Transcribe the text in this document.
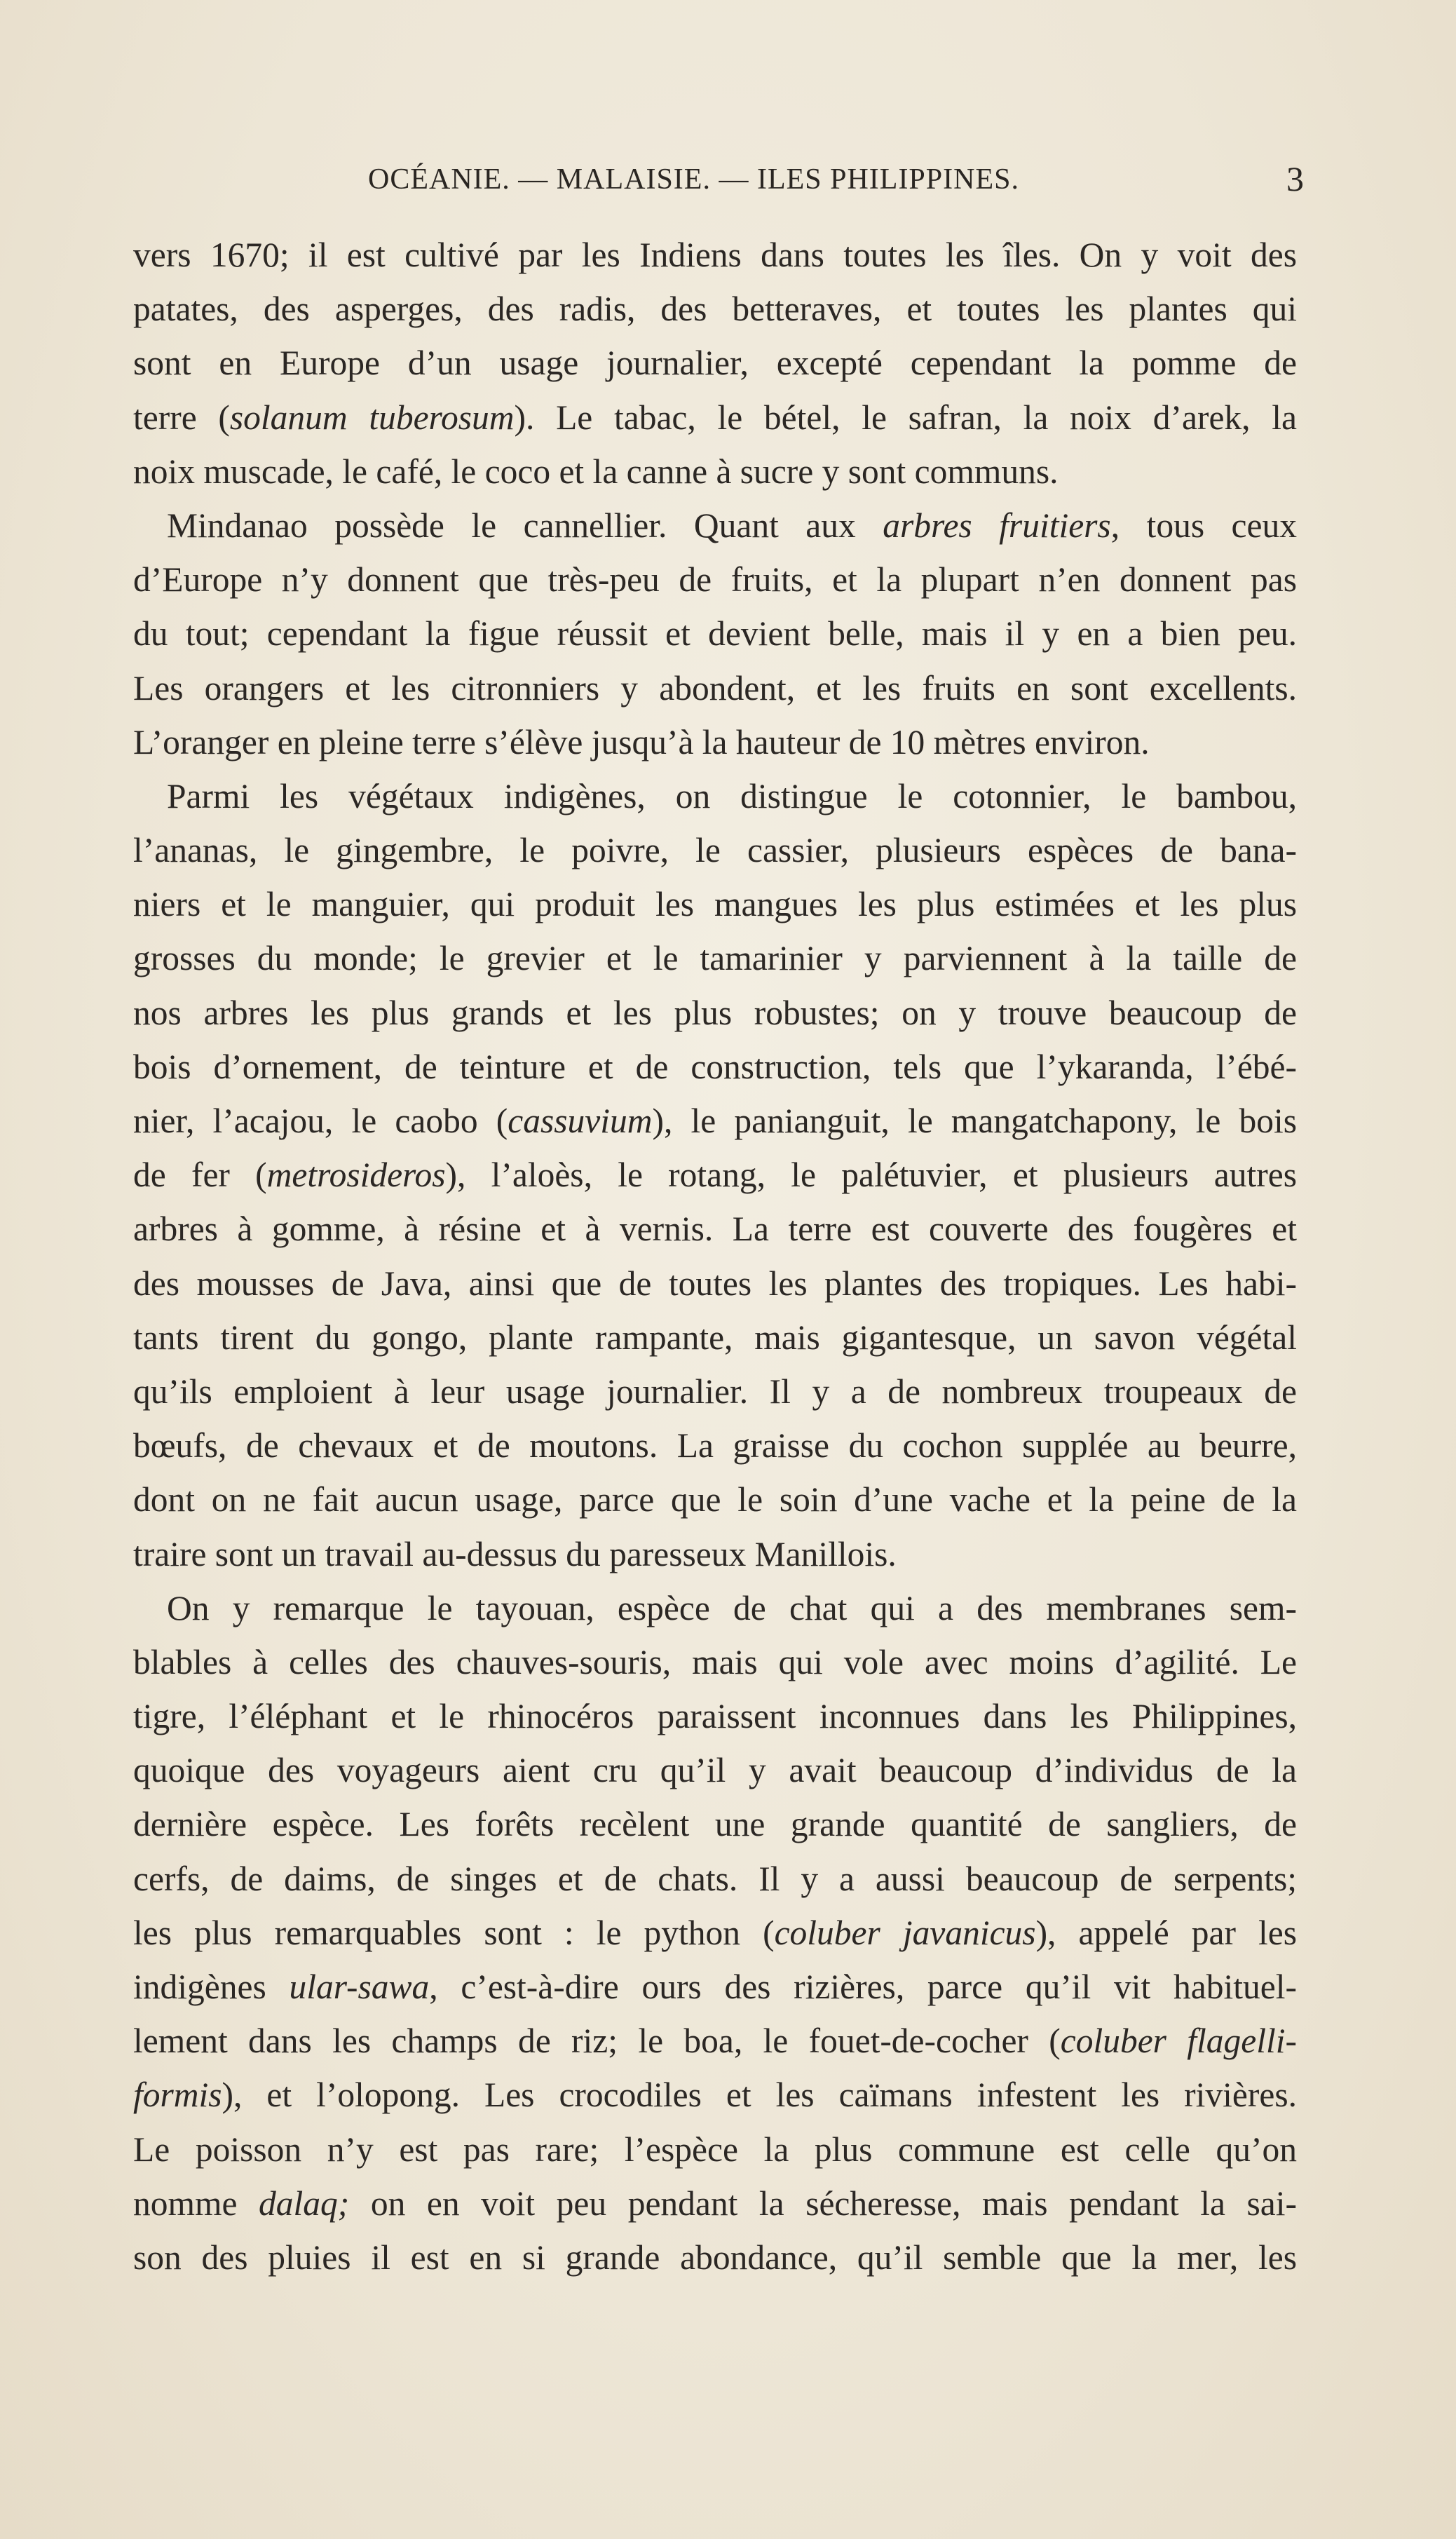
OCÉANIE. — MALAISIE. — ILES PHILIPPINES.	3
vers 1670; il est cultivé par les Indiens dans toutes les îles. On y voit des
patates, des asperges, des radis, des betteraves, et toutes les plantes qui
sont en Europe d’un usage journalier, excepté cependant la pomme de
terre (solanum tuberosum). Le tabac, le bétel, le safran, la noix d’arek, la
noix muscade, le café, le coco et la canne à sucre y sont communs.
Mindanao possède le cannellier. Quant aux arbres fruitiers, tous ceux
d’Europe n’y donnent que très-peu de fruits, et la plupart n’en donnent pas
du tout; cependant la figue réussit et devient belle, mais il y en a bien peu.
Les orangers et les citronniers y abondent, et les fruits en sont excellents.
L’oranger en pleine terre s’élève jusqu’à la hauteur de 10 mètres environ.
Parmi les végétaux indigènes, on distingue le cotonnier, le bambou,
l’ananas, le gingembre, le poivre, le cassier, plusieurs espèces de bana-
niers et le manguier, qui produit les mangues les plus estimées et les plus
grosses du monde; le grevier et le tamarinier y parviennent à la taille de
nos arbres les plus grands et les plus robustes; on y trouve beaucoup de
bois d’ornement, de teinture et de construction, tels que l’ykaranda, l’ébé-
nier, l’acajou, le caobo (cassuvium), le panianguit, le mangatchapony, le bois
de fer (metrosideros), l’aloès, le rotang, le palétuvier, et plusieurs autres
arbres à gomme, à résine et à vernis. La terre est couverte des fougères et
des mousses de Java, ainsi que de toutes les plantes des tropiques. Les habi-
tants tirent du gongo, plante rampante, mais gigantesque, un savon végétal
qu’ils emploient à leur usage journalier. Il y a de nombreux troupeaux de
bœufs, de chevaux et de moutons. La graisse du cochon supplée au beurre,
dont on ne fait aucun usage, parce que le soin d’une vache et la peine de la
traire sont un travail au-dessus du paresseux Manillois.
On y remarque le tayouan, espèce de chat qui a des membranes sem-
blables à celles des chauves-souris, mais qui vole avec moins d’agilité. Le
tigre, l’éléphant et le rhinocéros paraissent inconnues dans les Philippines,
quoique des voyageurs aient cru qu’il y avait beaucoup d’individus de la
dernière espèce. Les forêts recèlent une grande quantité de sangliers, de
cerfs, de daims, de singes et de chats. Il y a aussi beaucoup de serpents;
les plus remarquables sont : le python (coluber javanicus), appelé par les
indigènes ular-sawa, c’est-à-dire ours des rizières, parce qu’il vit habituel-
lement dans les champs de riz; le boa, le fouet-de-cocher (coluber flagelli-
formis), et l’olopong. Les crocodiles et les caïmans infestent les rivières.
Le poisson n’y est pas rare; l’espèce la plus commune est celle qu’on
nomme dalaq; on en voit peu pendant la sécheresse, mais pendant la sai-
son des pluies il est en si grande abondance, qu’il semble que la mer, les
